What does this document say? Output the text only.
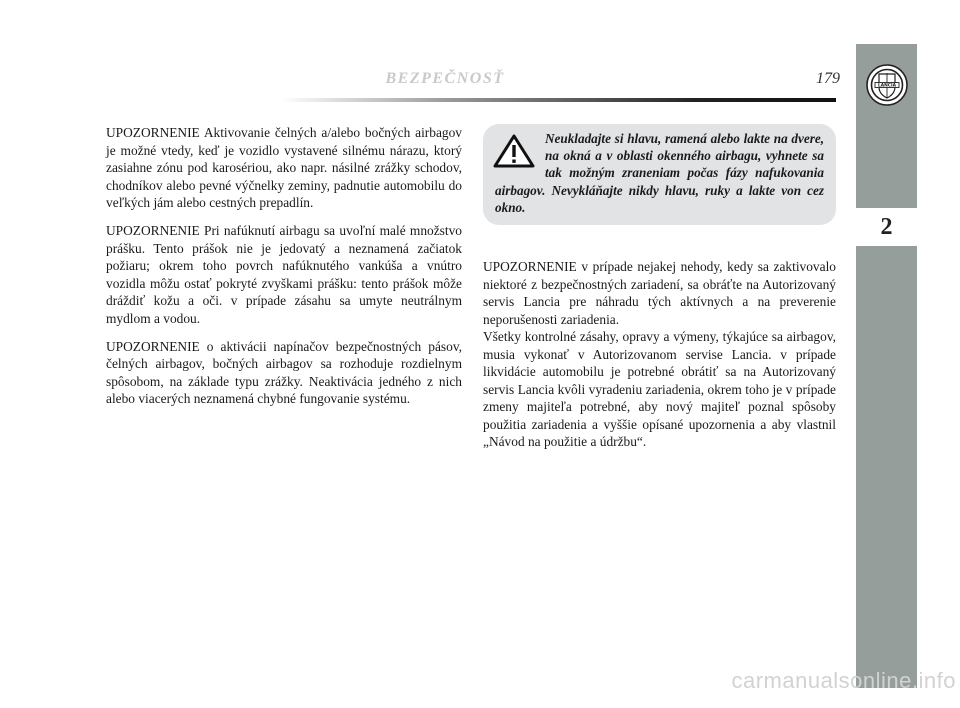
BEZPEČNOSŤ	179	LANCIA
2

UPOZORNENIE Aktivovanie čelných a/alebo bočných airbagov je možné vtedy, keď je vozidlo vystavené silnému nárazu, ktorý zasiahne zónu pod karosériou, ako napr. násilné zrážky schodov, chodníkov alebo pevné výčnelky zeminy, padnutie automobilu do veľkých jám alebo cestných prepadlín.

UPOZORNENIE Pri nafúknutí airbagu sa uvoľní malé množstvo prášku. Tento prášok nie je jedovatý a neznamená začiatok požiaru; okrem toho povrch nafúknutého vankúša a vnútro vozidla môžu ostať pokryté zvyškami prášku: tento prášok môže dráždiť kožu a oči. v prípade zásahu sa umyte neutrálnym mydlom a vodou.

UPOZORNENIE o aktivácii napínačov bezpečnostných pásov, čelných airbagov, bočných airbagov sa rozhoduje rozdielnym spôsobom, na základe typu zrážky. Neaktivácia jedného z nich alebo viacerých neznamená chybné fungovanie systému.

Neukladajte si hlavu, ramená alebo lakte na dvere, na okná a v oblasti okenného airbagu, vyhnete sa tak možným zraneniam počas fázy nafukovania airbagov. Nevykláňajte nikdy hlavu, ruky a lakte von cez okno.

UPOZORNENIE v prípade nejakej nehody, kedy sa zaktivovalo niektoré z bezpečnostných zariadení, sa obráťte na Autorizovaný servis Lancia pre náhradu tých aktívnych a na preverenie neporušenosti zariadenia.

Všetky kontrolné zásahy, opravy a výmeny, týkajúce sa airbagov, musia vykonať v Autorizovanom servise Lancia. v prípade likvidácie automobilu je potrebné obrátiť sa na Autorizovaný servis Lancia kvôli vyradeniu zariadenia, okrem toho je v prípade zmeny majiteľa potrebné, aby nový majiteľ poznal spôsoby použitia zariadenia a vyššie opísané upozornenia a aby vlastnil „Návod na použitie a údržbu“.

carmanualsonline.info
